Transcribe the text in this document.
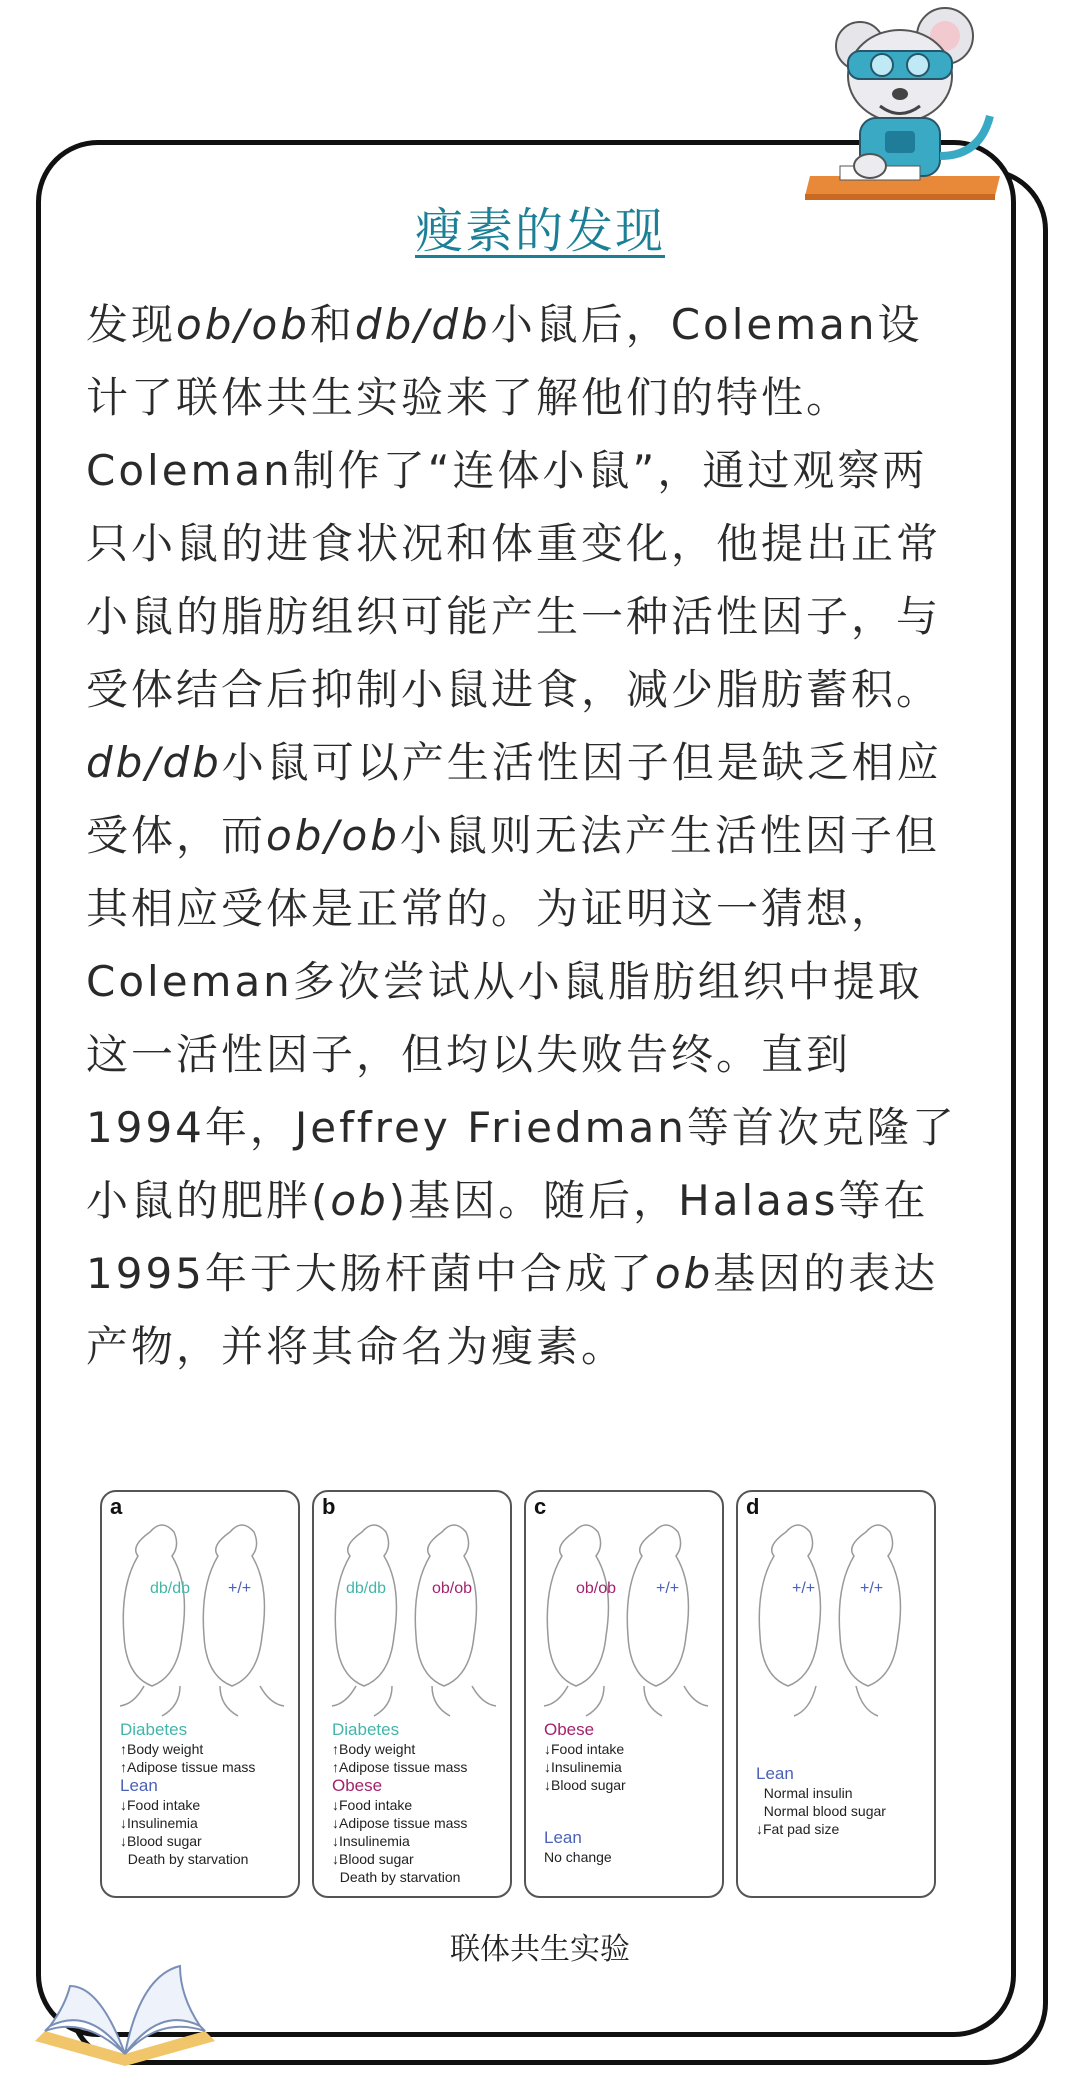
瘦素的发现
发现ob/ob和db/db小鼠后，Coleman设计了联体共生实验来了解他们的特性。Coleman制作了“连体小鼠”，通过观察两只小鼠的进食状况和体重变化，他提出正常小鼠的脂肪组织可能产生一种活性因子，与受体结合后抑制小鼠进食，减少脂肪蓄积。db/db小鼠可以产生活性因子但是缺乏相应受体，而ob/ob小鼠则无法产生活性因子但其相应受体是正常的。为证明这一猜想，Coleman多次尝试从小鼠脂肪组织中提取这一活性因子，但均以失败告终。直到1994年，Jeffrey Friedman等首次克隆了小鼠的肥胖(ob)基因。随后，Halaas等在1995年于大肠杆菌中合成了ob基因的表达产物，并将其命名为瘦素。
a
db/db +/+
Diabetes
↑Body weight
↑Adipose tissue mass
Lean
↓Food intake
↓Insulinemia
↓Blood sugar
Death by starvation
b
db/db	ob/ob
Diabetes
↑Body weight
↑Adipose tissue mass
Obese
↓Food intake
↓Adipose tissue mass
↓Insulinemia
↓Blood sugar
Death by starvation
c
ob/ob +/+
Obese
↓Food intake
↓Insulinemia
↓Blood sugar
Lean
No change
d
+/+	+/+
Lean
Normal insulin
Normal blood sugar
↓Fat pad size
联体共生实验
